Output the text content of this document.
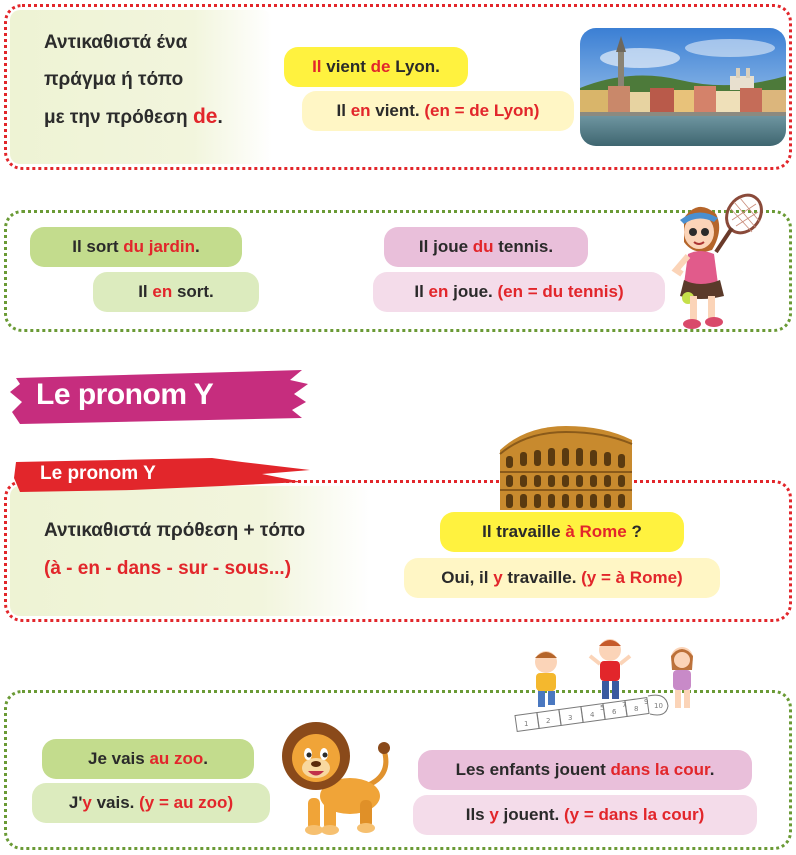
Αντικαθιστά ένα
πράγμα ή τόπο
με την πρόθεση de.
Il vient de Lyon.
Il en vient. (en = de Lyon)
Il sort du jardin.
Il en sort.
Il joue du tennis.
Il en joue. (en = du tennis)
Le pronom Y
Αντικαθιστά πρόθεση + τόπο
(à - en - dans - sur - sous...)
Le pronom Y
Il travaille à Rome ?
Oui, il y travaille. (y = à Rome)
Je vais au zoo.
J'y vais. (y = au zoo)
Les enfants jouent dans la cour.
Ils y jouent. (y = dans la cour)
1	2	3	4
5 6
7 8
9 10
